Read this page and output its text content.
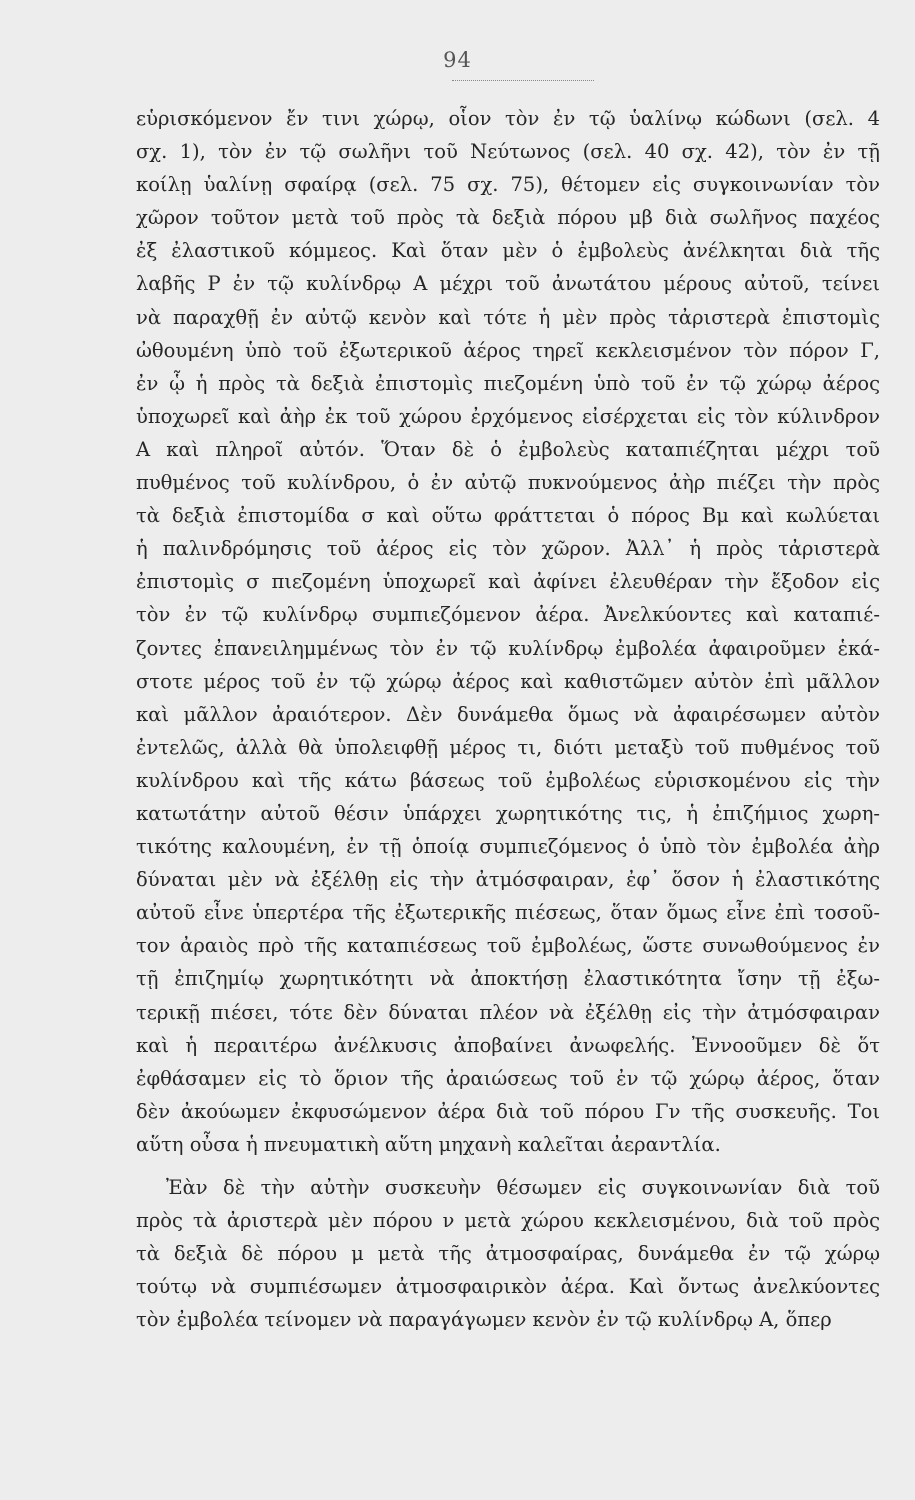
94
εὑρισκόμενον ἔν τινι χώρῳ, οἷον τὸν ἐν τῷ ὑαλίνῳ κώδωνι (σελ. 4
σχ. 1), τὸν ἐν τῷ σωλῆνι τοῦ Νεύτωνος (σελ. 40 σχ. 42), τὸν ἐν τῇ
κοίλῃ ὑαλίνῃ σφαίρᾳ (σελ. 75 σχ. 75), θέτομεν εἰς συγκοινωνίαν τὸν
χῶρον τοῦτον μετὰ τοῦ πρὸς τὰ δεξιὰ πόρου μβ διὰ σωλῆνος παχέος
ἐξ ἐλαστικοῦ κόμμεος. Καὶ ὅταν μὲν ὁ ἐμβολεὺς ἀνέλκηται διὰ τῆς
λαβῆς Ρ ἐν τῷ κυλίνδρῳ Α μέχρι τοῦ ἀνωτάτου μέρους αὐτοῦ, τείνει
νὰ παραχθῇ ἐν αὐτῷ κενὸν καὶ τότε ἡ μὲν πρὸς τἀριστερὰ ἐπιστομὶς
ὠθουμένη ὑπὸ τοῦ ἐξωτερικοῦ ἀέρος τηρεῖ κεκλεισμένον τὸν πόρον Γ,
ἐν ᾧ ἡ πρὸς τὰ δεξιὰ ἐπιστομὶς πιεζομένη ὑπὸ τοῦ ἐν τῷ χώρῳ ἀέρος
ὑποχωρεῖ καὶ ἀὴρ ἐκ τοῦ χώρου ἐρχόμενος εἰσέρχεται εἰς τὸν κύλινδρον
Α καὶ πληροῖ αὐτόν. Ὅταν δὲ ὁ ἐμβολεὺς καταπιέζηται μέχρι τοῦ
πυθμένος τοῦ κυλίνδρου, ὁ ἐν αὐτῷ πυκνούμενος ἀὴρ πιέζει τὴν πρὸς
τὰ δεξιὰ ἐπιστομίδα σ καὶ οὕτω φράττεται ὁ πόρος Βμ καὶ κωλύεται
ἡ παλινδρόμησις τοῦ ἀέρος εἰς τὸν χῶρον. Ἀλλ᾽ ἡ πρὸς τἀριστερὰ
ἐπιστομὶς σ πιεζομένη ὑποχωρεῖ καὶ ἀφίνει ἐλευθέραν τὴν ἔξοδον εἰς
τὸν ἐν τῷ κυλίνδρῳ συμπιεζόμενον ἀέρα. Ἀνελκύοντες καὶ καταπιέ-
ζοντες ἐπανειλημμένως τὸν ἐν τῷ κυλίνδρῳ ἐμβολέα ἀφαιροῦμεν ἑκά-
στοτε μέρος τοῦ ἐν τῷ χώρῳ ἀέρος καὶ καθιστῶμεν αὐτὸν ἐπὶ μᾶλλον
καὶ μᾶλλον ἀραιότερον. Δὲν δυνάμεθα ὅμως νὰ ἀφαιρέσωμεν αὐτὸν
ἐντελῶς, ἀλλὰ θὰ ὑπολειφθῇ μέρος τι, διότι μεταξὺ τοῦ πυθμένος τοῦ
κυλίνδρου καὶ τῆς κάτω βάσεως τοῦ ἐμβολέως εὑρισκομένου εἰς τὴν
κατωτάτην αὐτοῦ θέσιν ὑπάρχει χωρητικότης τις, ἡ ἐπιζήμιος χωρη-
τικότης καλουμένη, ἐν τῇ ὁποίᾳ συμπιεζόμενος ὁ ὑπὸ τὸν ἐμβολέα ἀὴρ
δύναται μὲν νὰ ἐξέλθῃ εἰς τὴν ἀτμόσφαιραν, ἐφ᾽ ὅσον ἡ ἐλαστικότης
αὐτοῦ εἶνε ὑπερτέρα τῆς ἐξωτερικῆς πιέσεως, ὅταν ὅμως εἶνε ἐπὶ τοσοῦ-
τον ἀραιὸς πρὸ τῆς καταπιέσεως τοῦ ἐμβολέως, ὥστε συνωθούμενος ἐν
τῇ ἐπιζημίῳ χωρητικότητι νὰ ἀποκτήσῃ ἐλαστικότητα ἴσην τῇ ἐξω-
τερικῇ πιέσει, τότε δὲν δύναται πλέον νὰ ἐξέλθῃ εἰς τὴν ἀτμόσφαιραν
καὶ ἡ περαιτέρω ἀνέλκυσις ἀποβαίνει ἀνωφελής. Ἐννοοῦμεν δὲ ὅτ
ἐφθάσαμεν εἰς τὸ ὅριον τῆς ἀραιώσεως τοῦ ἐν τῷ χώρῳ ἀέρος, ὅταν
δὲν ἀκούωμεν ἐκφυσώμενον ἀέρα διὰ τοῦ πόρου Γν τῆς συσκευῆς. Τοι
αὕτη οὖσα ἡ πνευματικὴ αὕτη μηχανὴ καλεῖται ἀεραντλία.
Ἐὰν δὲ τὴν αὐτὴν συσκευὴν θέσωμεν εἰς συγκοινωνίαν διὰ τοῦ
πρὸς τὰ ἀριστερὰ μὲν πόρου ν μετὰ χώρου κεκλεισμένου, διὰ τοῦ πρὸς
τὰ δεξιὰ δὲ πόρου μ μετὰ τῆς ἀτμοσφαίρας, δυνάμεθα ἐν τῷ χώρῳ
τούτῳ νὰ συμπιέσωμεν ἀτμοσφαιρικὸν ἀέρα. Καὶ ὄντως ἀνελκύοντες
τὸν ἐμβολέα τείνομεν νὰ παραγάγωμεν κενὸν ἐν τῷ κυλίνδρῳ Α, ὅπερ
